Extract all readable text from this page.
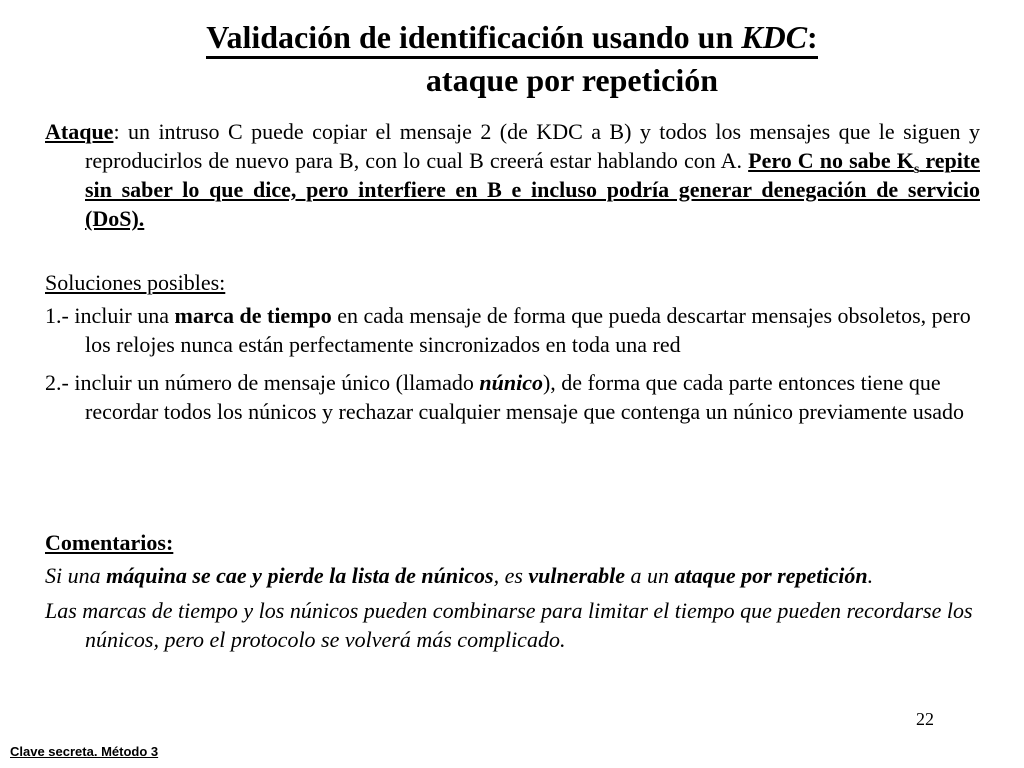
Validación de identificación usando un KDC:
ataque por repetición

Ataque: un intruso C puede copiar el mensaje 2 (de KDC a B) y todos los mensajes que le siguen y reproducirlos de nuevo para B, con lo cual B creerá estar hablando con A. Pero C no sabe $K_s$ repite sin saber lo que dice, pero interfiere en B e incluso podría generar denegación de servicio (DoS).

Soluciones posibles:

1.- incluir una marca de tiempo en cada mensaje de forma que pueda descartar mensajes obsoletos, pero los relojes nunca están perfectamente sincronizados en toda una red

2.- incluir un número de mensaje único (llamado núnico), de forma que cada parte entonces tiene que recordar todos los núnicos y rechazar cualquier mensaje que contenga un núnico previamente usado

Comentarios:

Si una máquina se cae y pierde la lista de núnicos, es vulnerable a un ataque por repetición.

Las marcas de tiempo y los núnicos pueden combinarse para limitar el tiempo que pueden recordarse los núnicos, pero el protocolo se volverá más complicado.

22
Clave secreta. Método 3
